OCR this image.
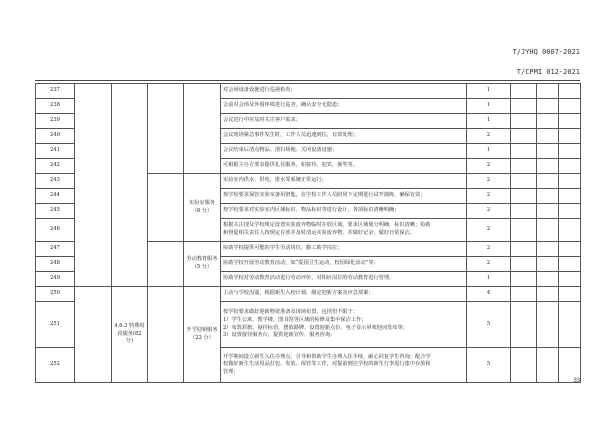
T/JYHQ 0007-2021
T/CPMI 012-2021
237					对会场设备设施进行巡视检查；	1			
238					会前对会场及外围环境进行巡查，确认安全无隐患；	1			
239					会议进行中应及时关注客户需求；	1			
240					会议现场紧急事件发生时，工作人员迅速到位，有效处理；	2			
241					会议结束后清点物品、清扫场地、关闭设备设施；	1			
242					可根据主办方要求提供礼仪服务，如接待、迎宾、颁奖等。	2			
243				实验室服务（8 分）	实验室内供水、供电、排水等系统正常运行；	2			
244					按学校要求保管实验室备用钥匙，在学校工作人员陪同下定期进行试开演练，确保有效；	2			
245					按学校要求对实验室内区域标识、物品标识等进行设计，各项标识清晰明确；	2			
246					根据关注现及学校规定设置实验废弃物临时存放区域，要求区域划分明确，标识清晰；协助
和督促相关责任人按规定存放并及时清运实验废弃物，并做好记录，做好日常保洁。	2			
247				劳动教育服务（5 分）	协助学校提供可能的学生劳动岗位，勤工助学岗位；	2			
248					协助学校开展劳动教育活动，如“爱国卫生运动，校园绿化活动”等；	2			
249					协助学校对劳动教育活动进行劳动评价，对相应岗位的劳动教育进行管理。	1			
250		4.6.3 特殊时段服务(82 分)		开学迎新服务（22 分）	主动与学校沟通，根据新生入校计划，制定迎新方案及应急预案；	4			
251					按学校要求做好迎新物资准备及现场布置，包括但不限于：
1）学生公寓、教学楼、图书馆等区域的检修及集中保洁工作；
2）布置彩旗、悬挂标语、摆放路牌、设置迎新点位、电子显示屏欢迎词发布等；
3）设置接待服务台，提供迎新宣传、服务咨询；	5			
252					开学期间设立新生入住办理点，引导和帮助学生办理入住手续，耐心回复学生咨询；配合学
校做好新生生活用品打包、发放、保管等工作，对提前到达学校的新生行李进行集中存放和
管理；	5			
33
